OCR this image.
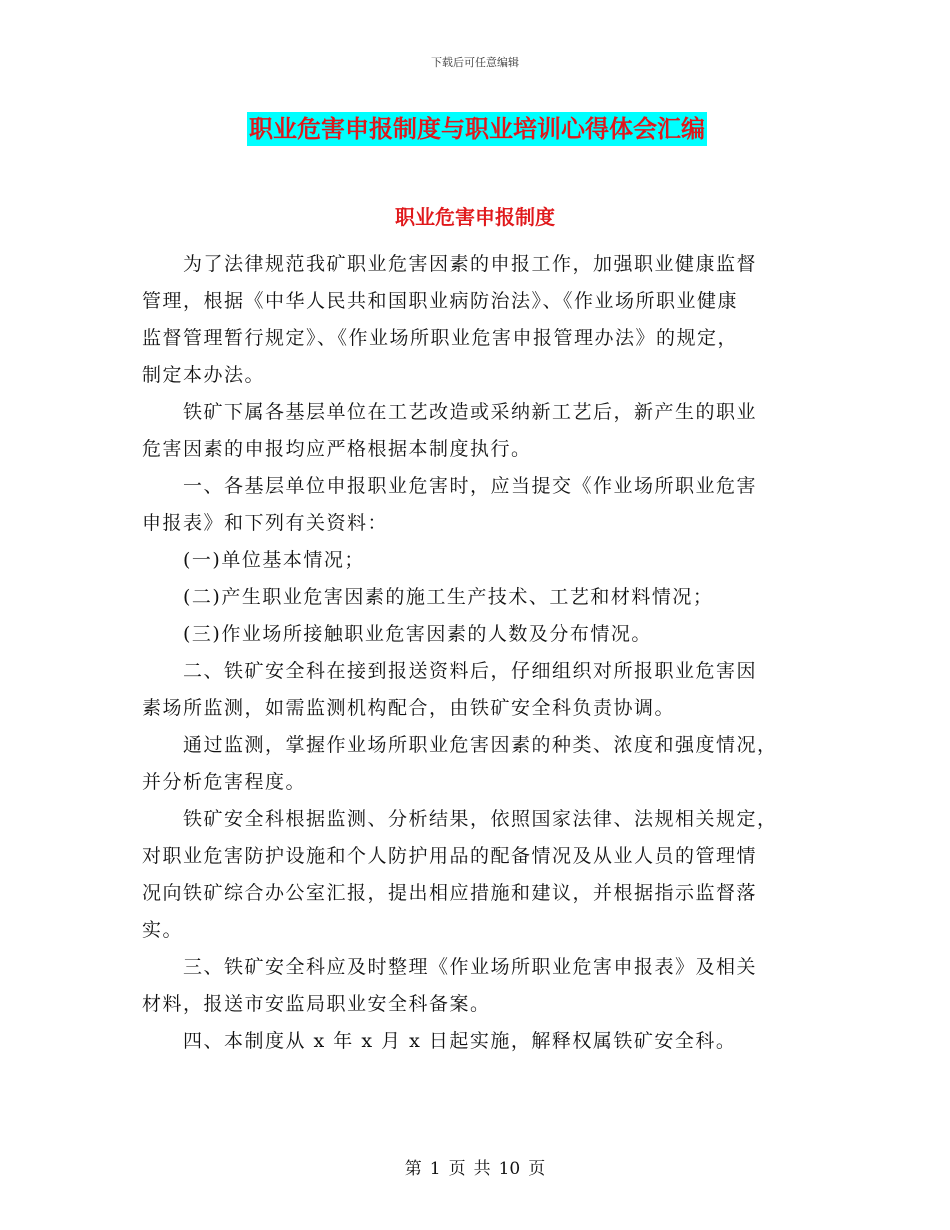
下载后可任意编辑
职业危害申报制度与职业培训心得体会汇编
职业危害申报制度
　　为了法律规范我矿职业危害因素的申报工作，加强职业健康监督
管理，根据《中华人民共和国职业病防治法》、《作业场所职业健康
监督管理暂行规定》、《作业场所职业危害申报管理办法》的规定，
制定本办法。
　　铁矿下属各基层单位在工艺改造或采纳新工艺后，新产生的职业
危害因素的申报均应严格根据本制度执行。
　　一、各基层单位申报职业危害时，应当提交《作业场所职业危害
申报表》和下列有关资料：
　　(一)单位基本情况；
　　(二)产生职业危害因素的施工生产技术、工艺和材料情况；
　　(三)作业场所接触职业危害因素的人数及分布情况。
　　二、铁矿安全科在接到报送资料后，仔细组织对所报职业危害因
素场所监测，如需监测机构配合，由铁矿安全科负责协调。
　　通过监测，掌握作业场所职业危害因素的种类、浓度和强度情况，
并分析危害程度。
　　铁矿安全科根据监测、分析结果，依照国家法律、法规相关规定，
对职业危害防护设施和个人防护用品的配备情况及从业人员的管理情
况向铁矿综合办公室汇报，提出相应措施和建议，并根据指示监督落
实。
　　三、铁矿安全科应及时整理《作业场所职业危害申报表》及相关
材料，报送市安监局职业安全科备案。
　　四、本制度从 x 年 x 月 x 日起实施，解释权属铁矿安全科。
第 1 页 共 10 页
